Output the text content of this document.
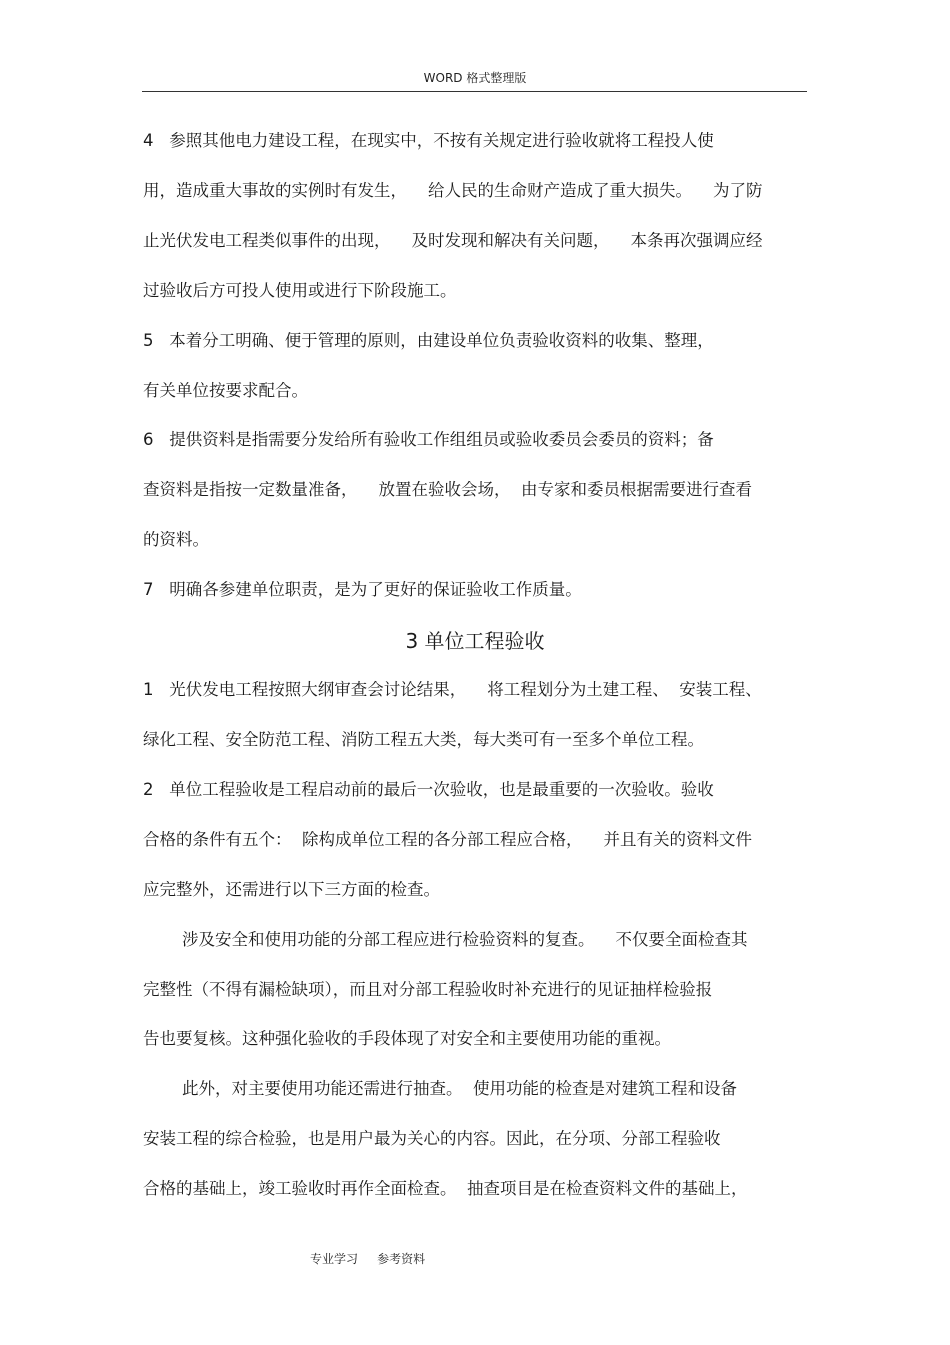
WORD 格式整理版
4   参照其他电力建设工程，在现实中，不按有关规定进行验收就将工程投人使
用，造成重大事故的实例时有发生，    给人民的生命财产造成了重大损失。    为了防
止光伏发电工程类似事件的出现，    及时发现和解决有关问题，    本条再次强调应经
过验收后方可投人使用或进行下阶段施工。
5   本着分工明确、便于管理的原则，由建设单位负责验收资料的收集、整理，
有关单位按要求配合。
6   提供资料是指需要分发给所有验收工作组组员或验收委员会委员的资料；备
查资料是指按一定数量准备，    放置在验收会场，  由专家和委员根据需要进行查看
的资料。
7   明确各参建单位职责，是为了更好的保证验收工作质量。
3 单位工程验收
1   光伏发电工程按照大纲审查会讨论结果，    将工程划分为土建工程、  安装工程、
绿化工程、安全防范工程、消防工程五大类，每大类可有一至多个单位工程。
2   单位工程验收是工程启动前的最后一次验收，也是最重要的一次验收。验收
合格的条件有五个：  除构成单位工程的各分部工程应合格，    并且有关的资料文件
应完整外，还需进行以下三方面的检查。
涉及安全和使用功能的分部工程应进行检验资料的复查。    不仅要全面检查其
完整性（不得有漏检缺项），而且对分部工程验收时补充进行的见证抽样检验报
告也要复核。这种强化验收的手段体现了对安全和主要使用功能的重视。
此外，对主要使用功能还需进行抽查。  使用功能的检查是对建筑工程和设备
安装工程的综合检验，也是用户最为关心的内容。因此，在分项、分部工程验收
合格的基础上，竣工验收时再作全面检查。  抽查项目是在检查资料文件的基础上，
专业学习     参考资料
